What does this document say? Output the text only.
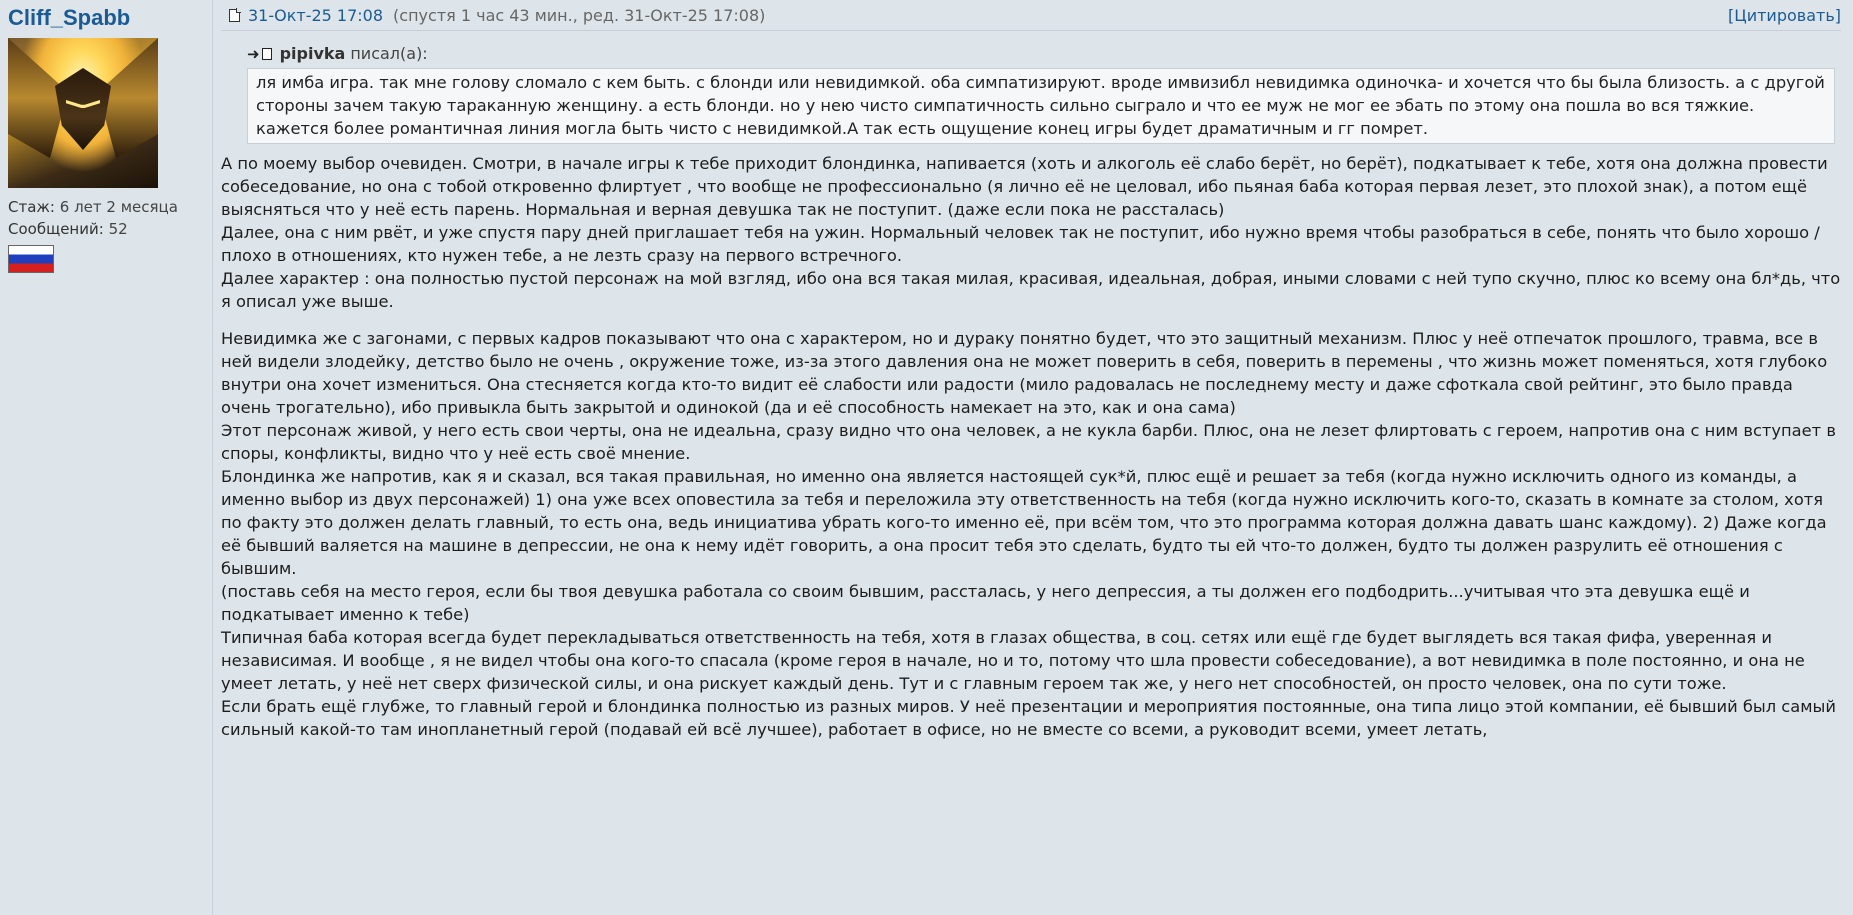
Cliff_Spabb
Стаж: 6 лет 2 месяца
Сообщений: 52
31-Окт-25 17:08 (спустя 1 час 43 мин., ред. 31-Окт-25 17:08)	[Цитировать]
➜ pipivka писал(а):
ля имба игра. так мне голову сломало с кем быть. с блонди или невидимкой. оба симпатизируют. вроде имвизибл невидимка одиночка- и хочется что бы была близость. а с другой стороны зачем такую тараканную женщину. а есть блонди. но у нею чисто симпатичность сильно сыграло и что ее муж не мог ее эбать по этому она пошла во вся тяжкие. кажется более романтичная линия могла быть чисто с невидимкой.А так есть ощущение конец игры будет драматичным и гг помрет.

А по моему выбор очевиден. Смотри, в начале игры к тебе приходит блондинка, напивается (хоть и алкоголь её слабо берёт, но берёт), подкатывает к тебе, хотя она должна провести собеседование, но она с тобой откровенно флиртует , что вообще не профессионально (я лично её не целовал, ибо пьяная баба которая первая лезет, это плохой знак), а потом ещё выясняться что у неё есть парень. Нормальная и верная девушка так не поступит. (даже если пока не рассталась)

Далее, она с ним рвёт, и уже спустя пару дней приглашает тебя на ужин. Нормальный человек так не поступит, ибо нужно время чтобы разобраться в себе, понять что было хорошо / плохо в отношениях, кто нужен тебе, а не лезть сразу на первого встречного.

Далее характер : она полностью пустой персонаж на мой взгляд, ибо она вся такая милая, красивая, идеальная, добрая, иными словами с ней тупо скучно, плюс ко всему она бл*дь, что я описал уже выше.

Невидимка же с загонами, с первых кадров показывают что она с характером, но и дураку понятно будет, что это защитный механизм. Плюс у неё отпечаток прошлого, травма, все в ней видели злодейку, детство было не очень , окружение тоже, из-за этого давления она не может поверить в себя, поверить в перемены , что жизнь может поменяться, хотя глубоко внутри она хочет измениться. Она стесняется когда кто-то видит её слабости или радости (мило радовалась не последнему месту и даже сфоткала свой рейтинг, это было правда очень трогательно), ибо привыкла быть закрытой и одинокой (да и её способность намекает на это, как и она сама)

Этот персонаж живой, у него есть свои черты, она не идеальна, сразу видно что она человек, а не кукла барби. Плюс, она не лезет флиртовать с героем, напротив она с ним вступает в споры, конфликты, видно что у неё есть своё мнение.

Блондинка же напротив, как я и сказал, вся такая правильная, но именно она является настоящей сук*й, плюс ещё и решает за тебя (когда нужно исключить одного из команды, а именно выбор из двух персонажей) 1) она уже всех оповестила за тебя и переложила эту ответственность на тебя (когда нужно исключить кого-то, сказать в комнате за столом, хотя по факту это должен делать главный, то есть она, ведь инициатива убрать кого-то именно её, при всём том, что это программа которая должна давать шанс каждому). 2) Даже когда её бывший валяется на машине в депрессии, не она к нему идёт говорить, а она просит тебя это сделать, будто ты ей что-то должен, будто ты должен разрулить её отношения с бывшим.

(поставь себя на место героя, если бы твоя девушка работала со своим бывшим, рассталась, у него депрессия, а ты должен его подбодрить...учитывая что эта девушка ещё и подкатывает именно к тебе)

Типичная баба которая всегда будет перекладываться ответственность на тебя, хотя в глазах общества, в соц. сетях или ещё где будет выглядеть вся такая фифа, уверенная и независимая. И вообще , я не видел чтобы она кого-то спасала (кроме героя в начале, но и то, потому что шла провести собеседование), а вот невидимка в поле постоянно, и она не умеет летать, у неё нет сверх физической силы, и она рискует каждый день. Тут и с главным героем так же, у него нет способностей, он просто человек, она по сути тоже.

Если брать ещё глубже, то главный герой и блондинка полностью из разных миров. У неё презентации и мероприятия постоянные, она типа лицо этой компании, её бывший был самый сильный какой-то там инопланетный герой (подавай ей всё лучшее), работает в офисе, но не вместе со всеми, а руководит всеми, умеет летать,
